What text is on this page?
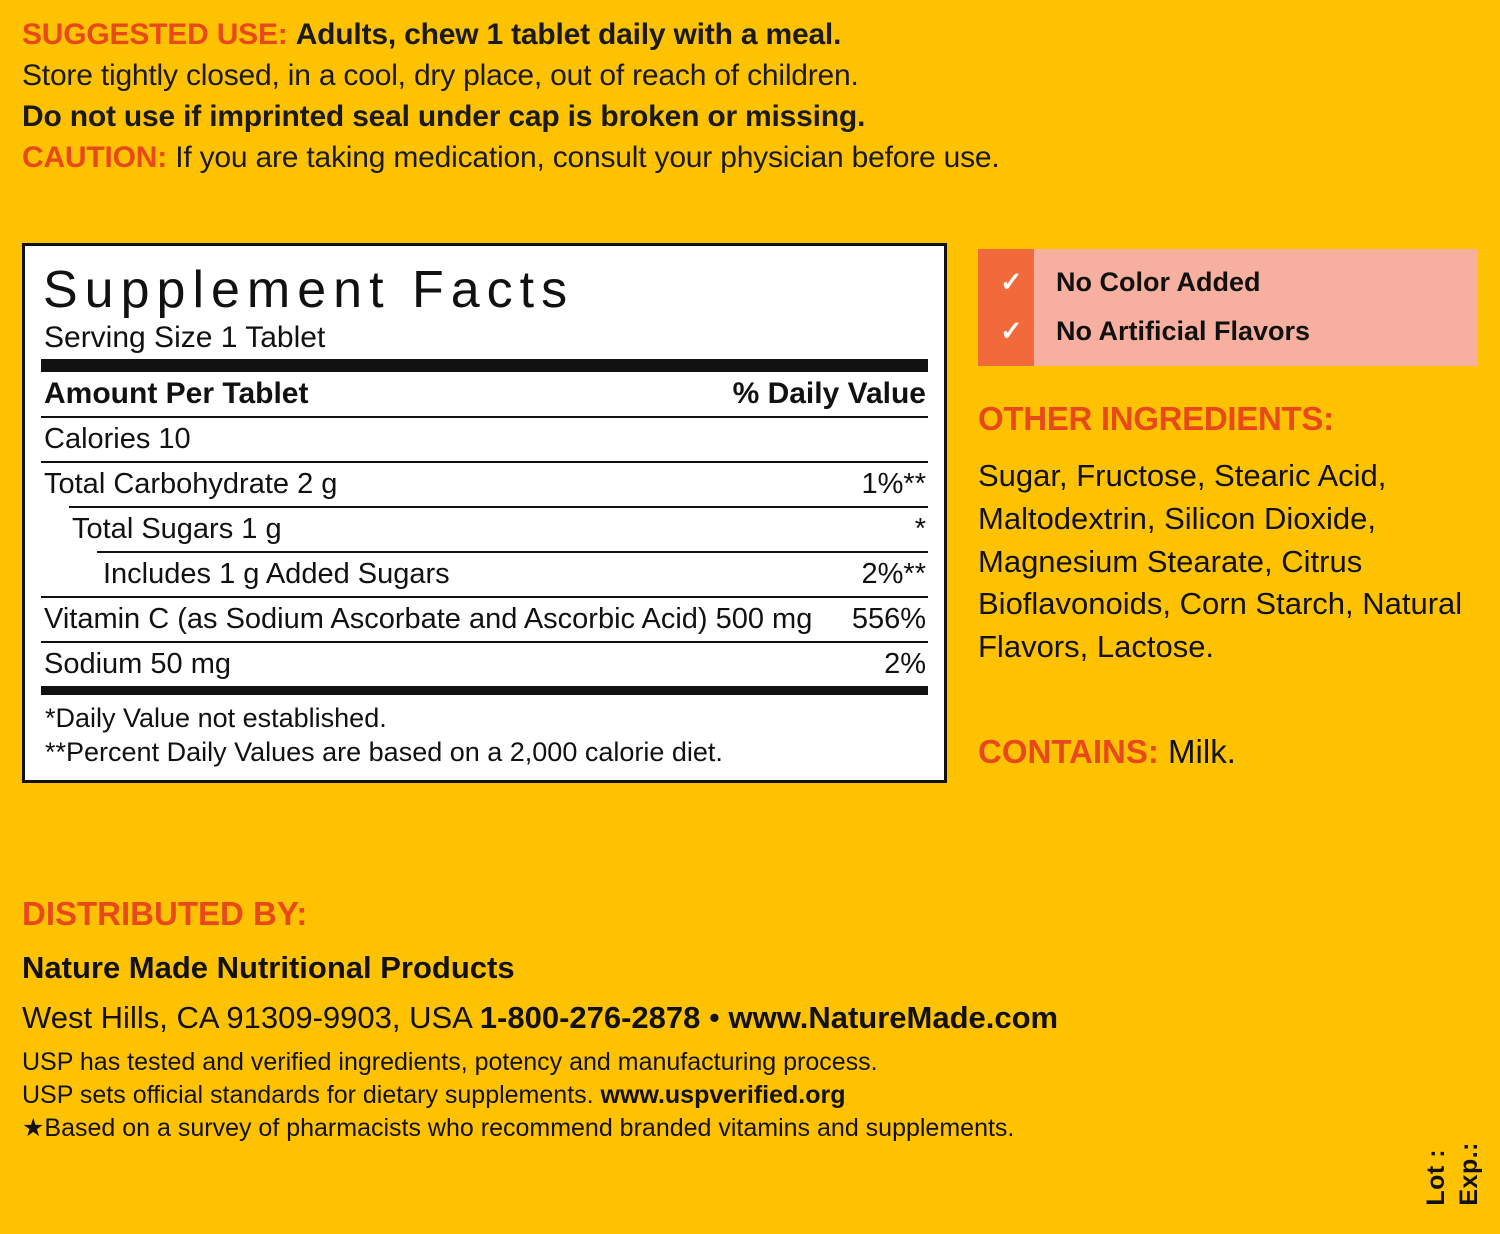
SUGGESTED USE: Adults, chew 1 tablet daily with a meal.
Store tightly closed, in a cool, dry place, out of reach of children.
Do not use if imprinted seal under cap is broken or missing.
CAUTION: If you are taking medication, consult your physician before use.
Supplement Facts
Serving Size 1 Tablet
Amount Per Tablet	% Daily Value
Calories 10
Total Carbohydrate 2 g	1%**
Total Sugars 1 g	*
Includes 1 g Added Sugars	2%**
Vitamin C (as Sodium Ascorbate and Ascorbic Acid) 500 mg 556%
Sodium 50 mg	2%
*Daily Value not established.
**Percent Daily Values are based on a 2,000 calorie diet.
✓	No Color Added
✓	No Artificial Flavors
OTHER INGREDIENTS:
Sugar, Fructose, Stearic Acid, Maltodextrin, Silicon Dioxide, Magnesium Stearate, Citrus Bioflavonoids, Corn Starch, Natural Flavors, Lactose.
CONTAINS: Milk.
DISTRIBUTED BY:
Nature Made Nutritional Products
West Hills, CA 91309-9903, USA 1-800-276-2878 • www.NatureMade.com
USP has tested and verified ingredients, potency and manufacturing process.
USP sets official standards for dietary supplements. www.uspverified.org
★Based on a survey of pharmacists who recommend branded vitamins and supplements.
Lot : Exp.:
